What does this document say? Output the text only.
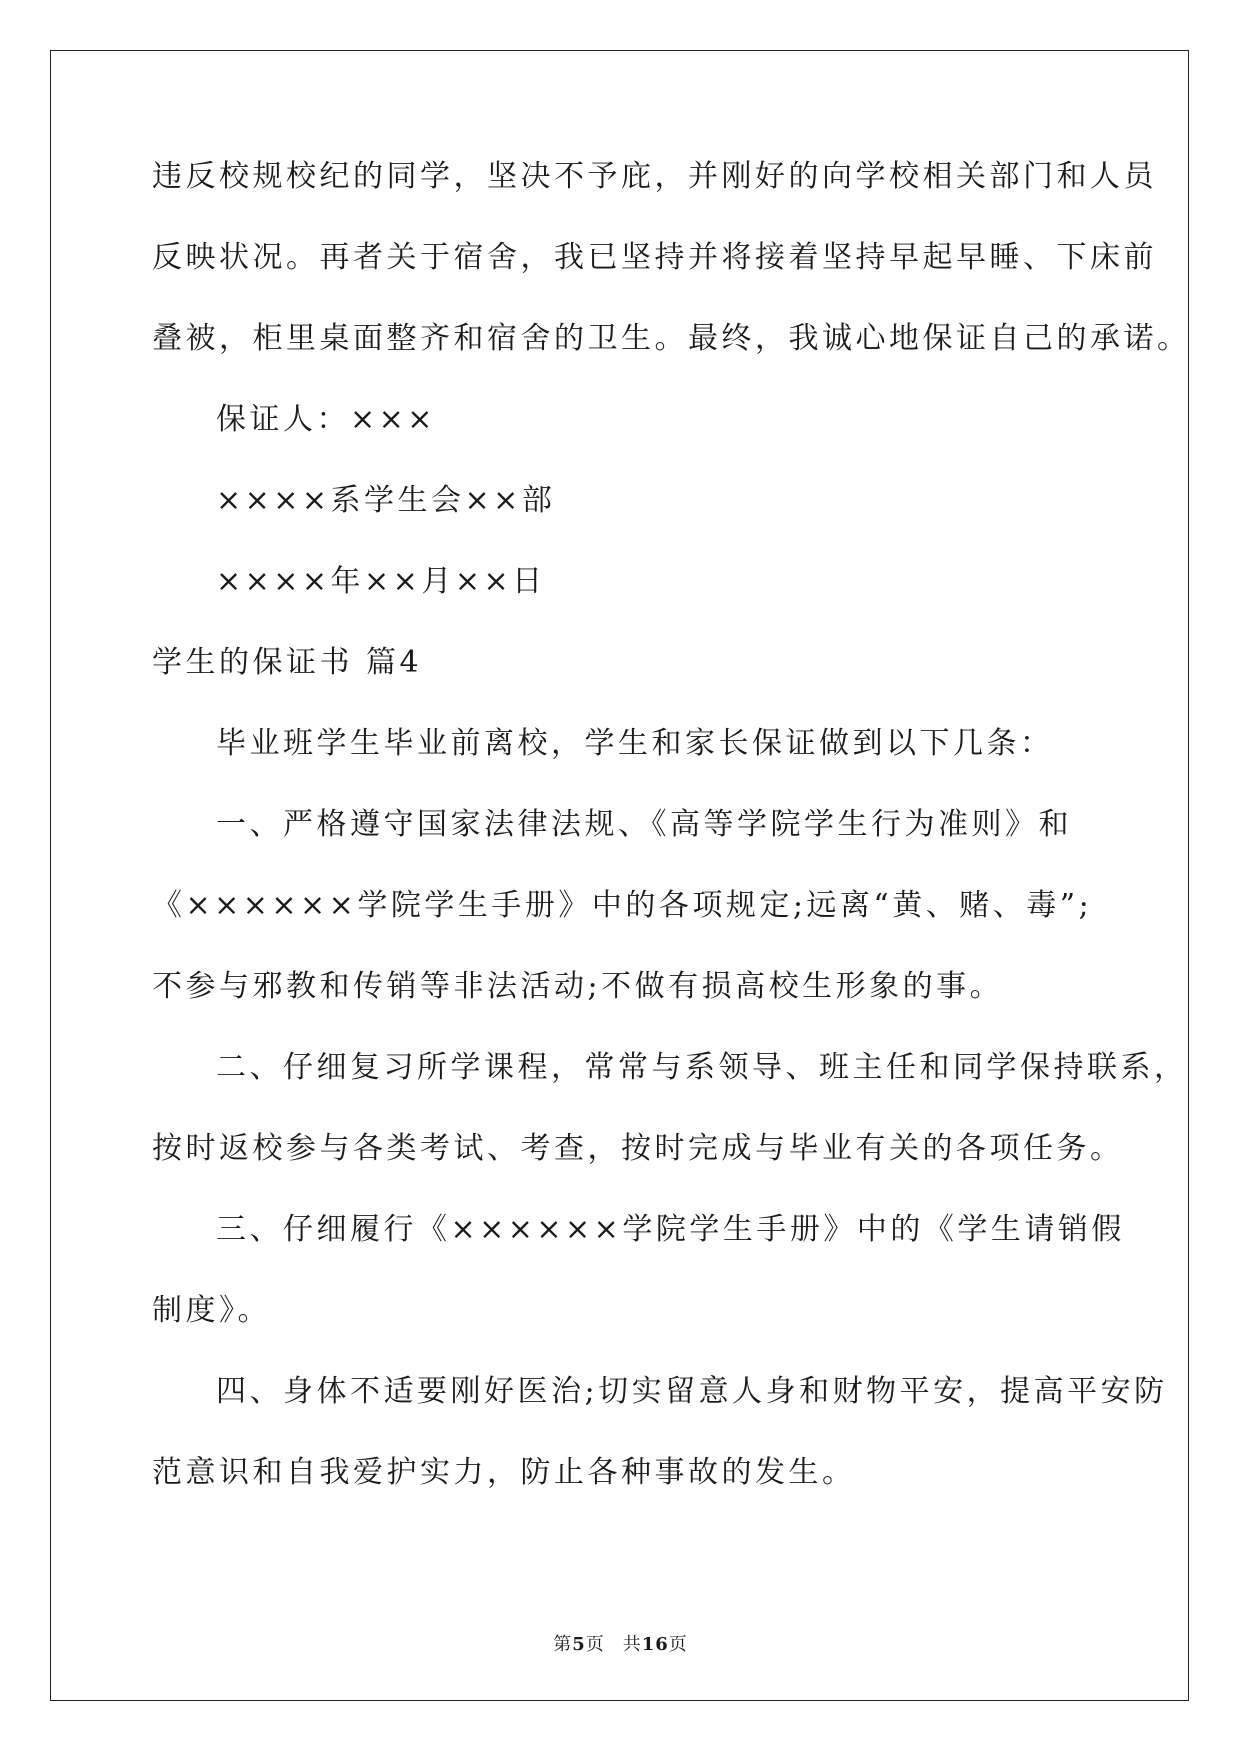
违反校规校纪的同学，坚决不予庇，并刚好的向学校相关部门和人员
反映状况。再者关于宿舍，我已坚持并将接着坚持早起早睡、下床前
叠被，柜里桌面整齐和宿舍的卫生。最终，我诚心地保证自己的承诺。
保证人：×××
××××系学生会××部
××××年××月××日
学生的保证书 篇4
毕业班学生毕业前离校，学生和家长保证做到以下几条：
一、严格遵守国家法律法规、《高等学院学生行为准则》和
《××××××学院学生手册》中的各项规定;远离“黄、赌、毒”;
不参与邪教和传销等非法活动;不做有损高校生形象的事。
二、仔细复习所学课程，常常与系领导、班主任和同学保持联系，
按时返校参与各类考试、考查，按时完成与毕业有关的各项任务。
三、仔细履行《××××××学院学生手册》中的《学生请销假
制度》。
四、身体不适要刚好医治;切实留意人身和财物平安，提高平安防
范意识和自我爱护实力，防止各种事故的发生。
第5页 共16页
